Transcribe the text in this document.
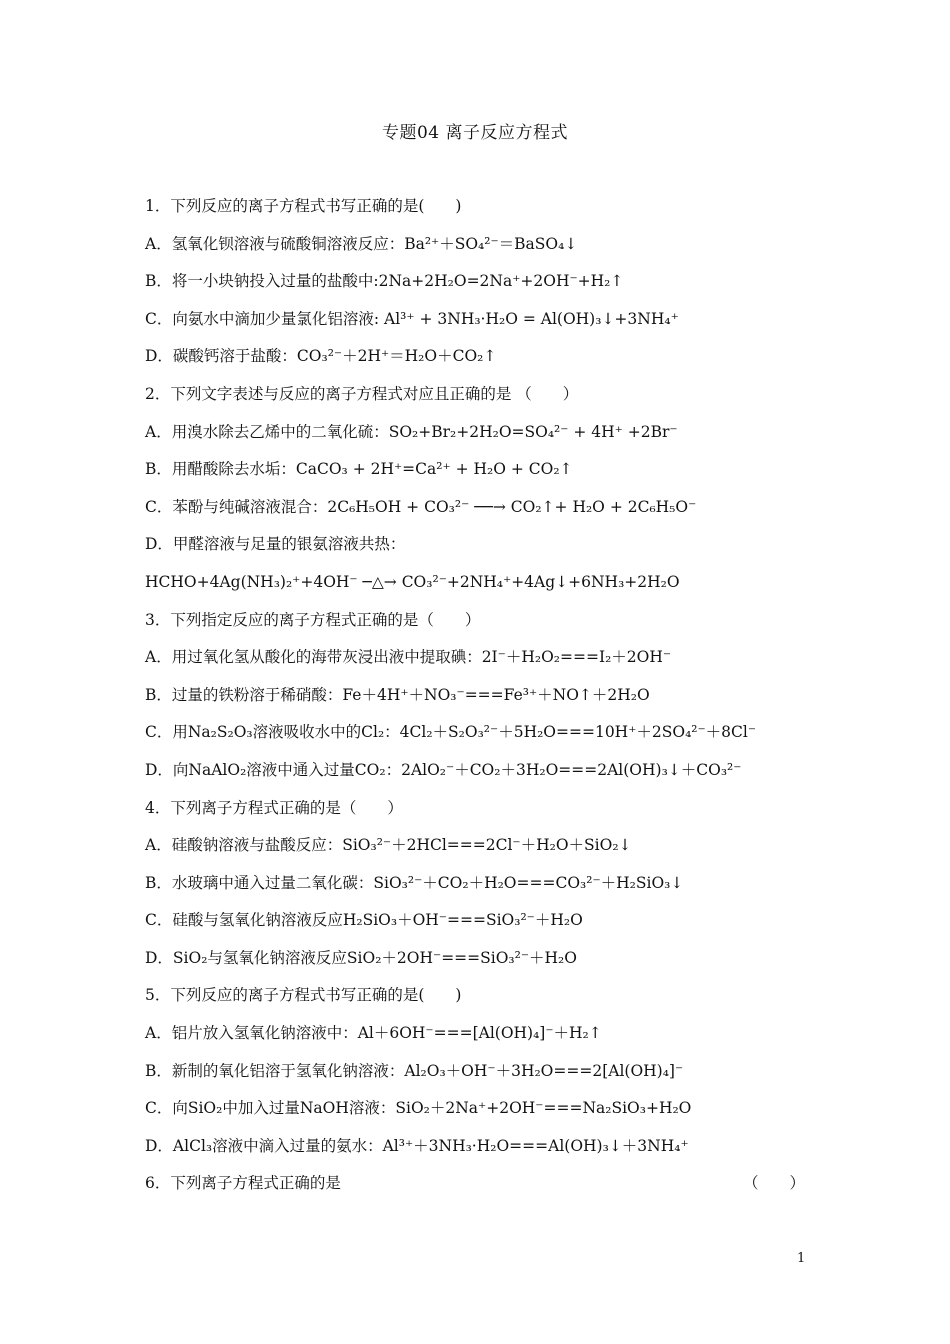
专题04 离子反应方程式
1．下列反应的离子方程式书写正确的是(　　)
A．氢氧化钡溶液与硫酸铜溶液反应：Ba²⁺＋SO₄²⁻＝BaSO₄↓
B．将一小块钠投入过量的盐酸中:2Na+2H₂O=2Na⁺+2OH⁻+H₂↑
C．向氨水中滴加少量氯化铝溶液: Al³⁺ + 3NH₃·H₂O = Al(OH)₃↓+3NH₄⁺
D．碳酸钙溶于盐酸：CO₃²⁻＋2H⁺＝H₂O＋CO₂↑
2．下列文字表述与反应的离子方程式对应且正确的是 （　　）
A．用溴水除去乙烯中的二氧化硫：SO₂+Br₂+2H₂O=SO₄²⁻ + 4H⁺ +2Br⁻
B．用醋酸除去水垢：CaCO₃ + 2H⁺=Ca²⁺ + H₂O + CO₂↑
C．苯酚与纯碱溶液混合：2C₆H₅OH + CO₃²⁻ ──→ CO₂↑+ H₂O + 2C₆H₅O⁻
D．甲醛溶液与足量的银氨溶液共热：
HCHO+4Ag(NH₃)₂⁺+4OH⁻ ─△→ CO₃²⁻+2NH₄⁺+4Ag↓+6NH₃+2H₂O
3．下列指定反应的离子方程式正确的是（　　）
A．用过氧化氢从酸化的海带灰浸出液中提取碘：2I⁻＋H₂O₂===I₂＋2OH⁻
B．过量的铁粉溶于稀硝酸：Fe＋4H⁺＋NO₃⁻===Fe³⁺＋NO↑＋2H₂O
C．用Na₂S₂O₃溶液吸收水中的Cl₂：4Cl₂＋S₂O₃²⁻＋5H₂O===10H⁺＋2SO₄²⁻＋8Cl⁻
D．向NaAlO₂溶液中通入过量CO₂：2AlO₂⁻＋CO₂＋3H₂O===2Al(OH)₃↓＋CO₃²⁻
4．下列离子方程式正确的是（　　）
A．硅酸钠溶液与盐酸反应：SiO₃²⁻＋2HCl===2Cl⁻＋H₂O＋SiO₂↓
B．水玻璃中通入过量二氧化碳：SiO₃²⁻＋CO₂＋H₂O===CO₃²⁻＋H₂SiO₃↓
C．硅酸与氢氧化钠溶液反应H₂SiO₃＋OH⁻===SiO₃²⁻＋H₂O
D．SiO₂与氢氧化钠溶液反应SiO₂＋2OH⁻===SiO₃²⁻＋H₂O
5．下列反应的离子方程式书写正确的是(　　)
A．铝片放入氢氧化钠溶液中：Al＋6OH⁻===[Al(OH)₄]⁻＋H₂↑
B．新制的氧化铝溶于氢氧化钠溶液：Al₂O₃＋OH⁻＋3H₂O===2[Al(OH)₄]⁻
C．向SiO₂中加入过量NaOH溶液：SiO₂＋2Na⁺+2OH⁻===Na₂SiO₃+H₂O
D．AlCl₃溶液中滴入过量的氨水：Al³⁺＋3NH₃·H₂O===Al(OH)₃↓＋3NH₄⁺
6．下列离子方程式正确的是	（　　）
1
